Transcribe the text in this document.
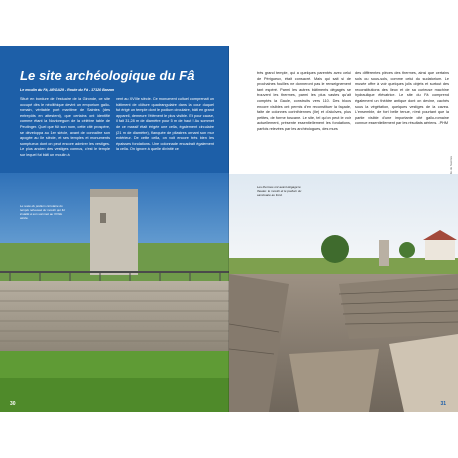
Le site archéologique du Fâ

Le moulin du Fâ, ARGA29 - Route du Fâ - 17120 Barzan

Situé en bordure de l'estuaire de la Gironde, ce site occupé dès le néolithique devint un emporium gallo-romain, véritable port maritime de Saintes (des entrepôts en attestent), que certains ont identifié comme étant la Novioregum de la célèbre table de Peutinger. Quel que fût son nom, cette cité prospère, se développa au 1er siècle, avant de connaître son apogée au IIe siècle, et ses temples et monuments somptueux dont on peut encore admirer les vestiges. Le plus ancien des vestiges connus, c'est le temple sur lequel fut bâti un moulin à

vent au XVIIIe siècle. Ce monument cultuel comprenait un bâtiment de clôture quadrangulaire dans la cour duquel fut érigé un temple dont le podium circulaire, bâti en grand appareil, demeure l'élément le plus visible. Et pour cause, il fait 31,28 m de diamètre pour 5 m de haut ! Au sommet de ce massif était érigée une cella, également circulaire (21 m de diamètre), flanquée de pilastres ornant son mur extérieur. De cette cella, on voit encore très bien les épaisses fondations. Une colonnade encadrait également la cella. On ignore à quelle divinité ce

Le reste du podium circulaire du temple rehaussé du moulin qui fut installé à son sommet au XVIIIe siècle.

30

très grand temple, qui a quelques parentés avec celui de Périgueux, était consacré. Mais qui sait si de prochaines fouilles ne donneront pas le renseignement tant espéré. Parmi les autres bâtiments dégagés se trouvent les thermes, parmi les plus vastes qu'ait comptés la Gaule, construits vers 110. Des blocs encore visibles ont permis d'en reconstituer la façade, faite de colonnes corinthiennes (IIe) et d'alcôves, plus petites, de forme toscane. Le site, tel qu'on peut le voir actuellement, présente essentiellement les fondations, parfois relevées par les archéologues, des murs

des différentes pièces des thermes, ainsi que certains sols ou sous-sols, comme celui du sudatorium. Le musée offre à voir quelques jolis objets et surtout des reconstitutions des lieux et de sa curieuse machine hydraulique élévatrice. Le site du Fâ comprend également un théâtre antique dont on devine, cachés sous la végétation, quelques vestiges de la cavea. L'ensemble, de fort belle tenue, n'est pourtant que la partie visible d'une importante cité gallo-romaine connue essentiellement par les résultats aériens. -PHM

Les thermes ont avant dégagé le theater. le moulin et le podium du sanctuaire au fond.

31
